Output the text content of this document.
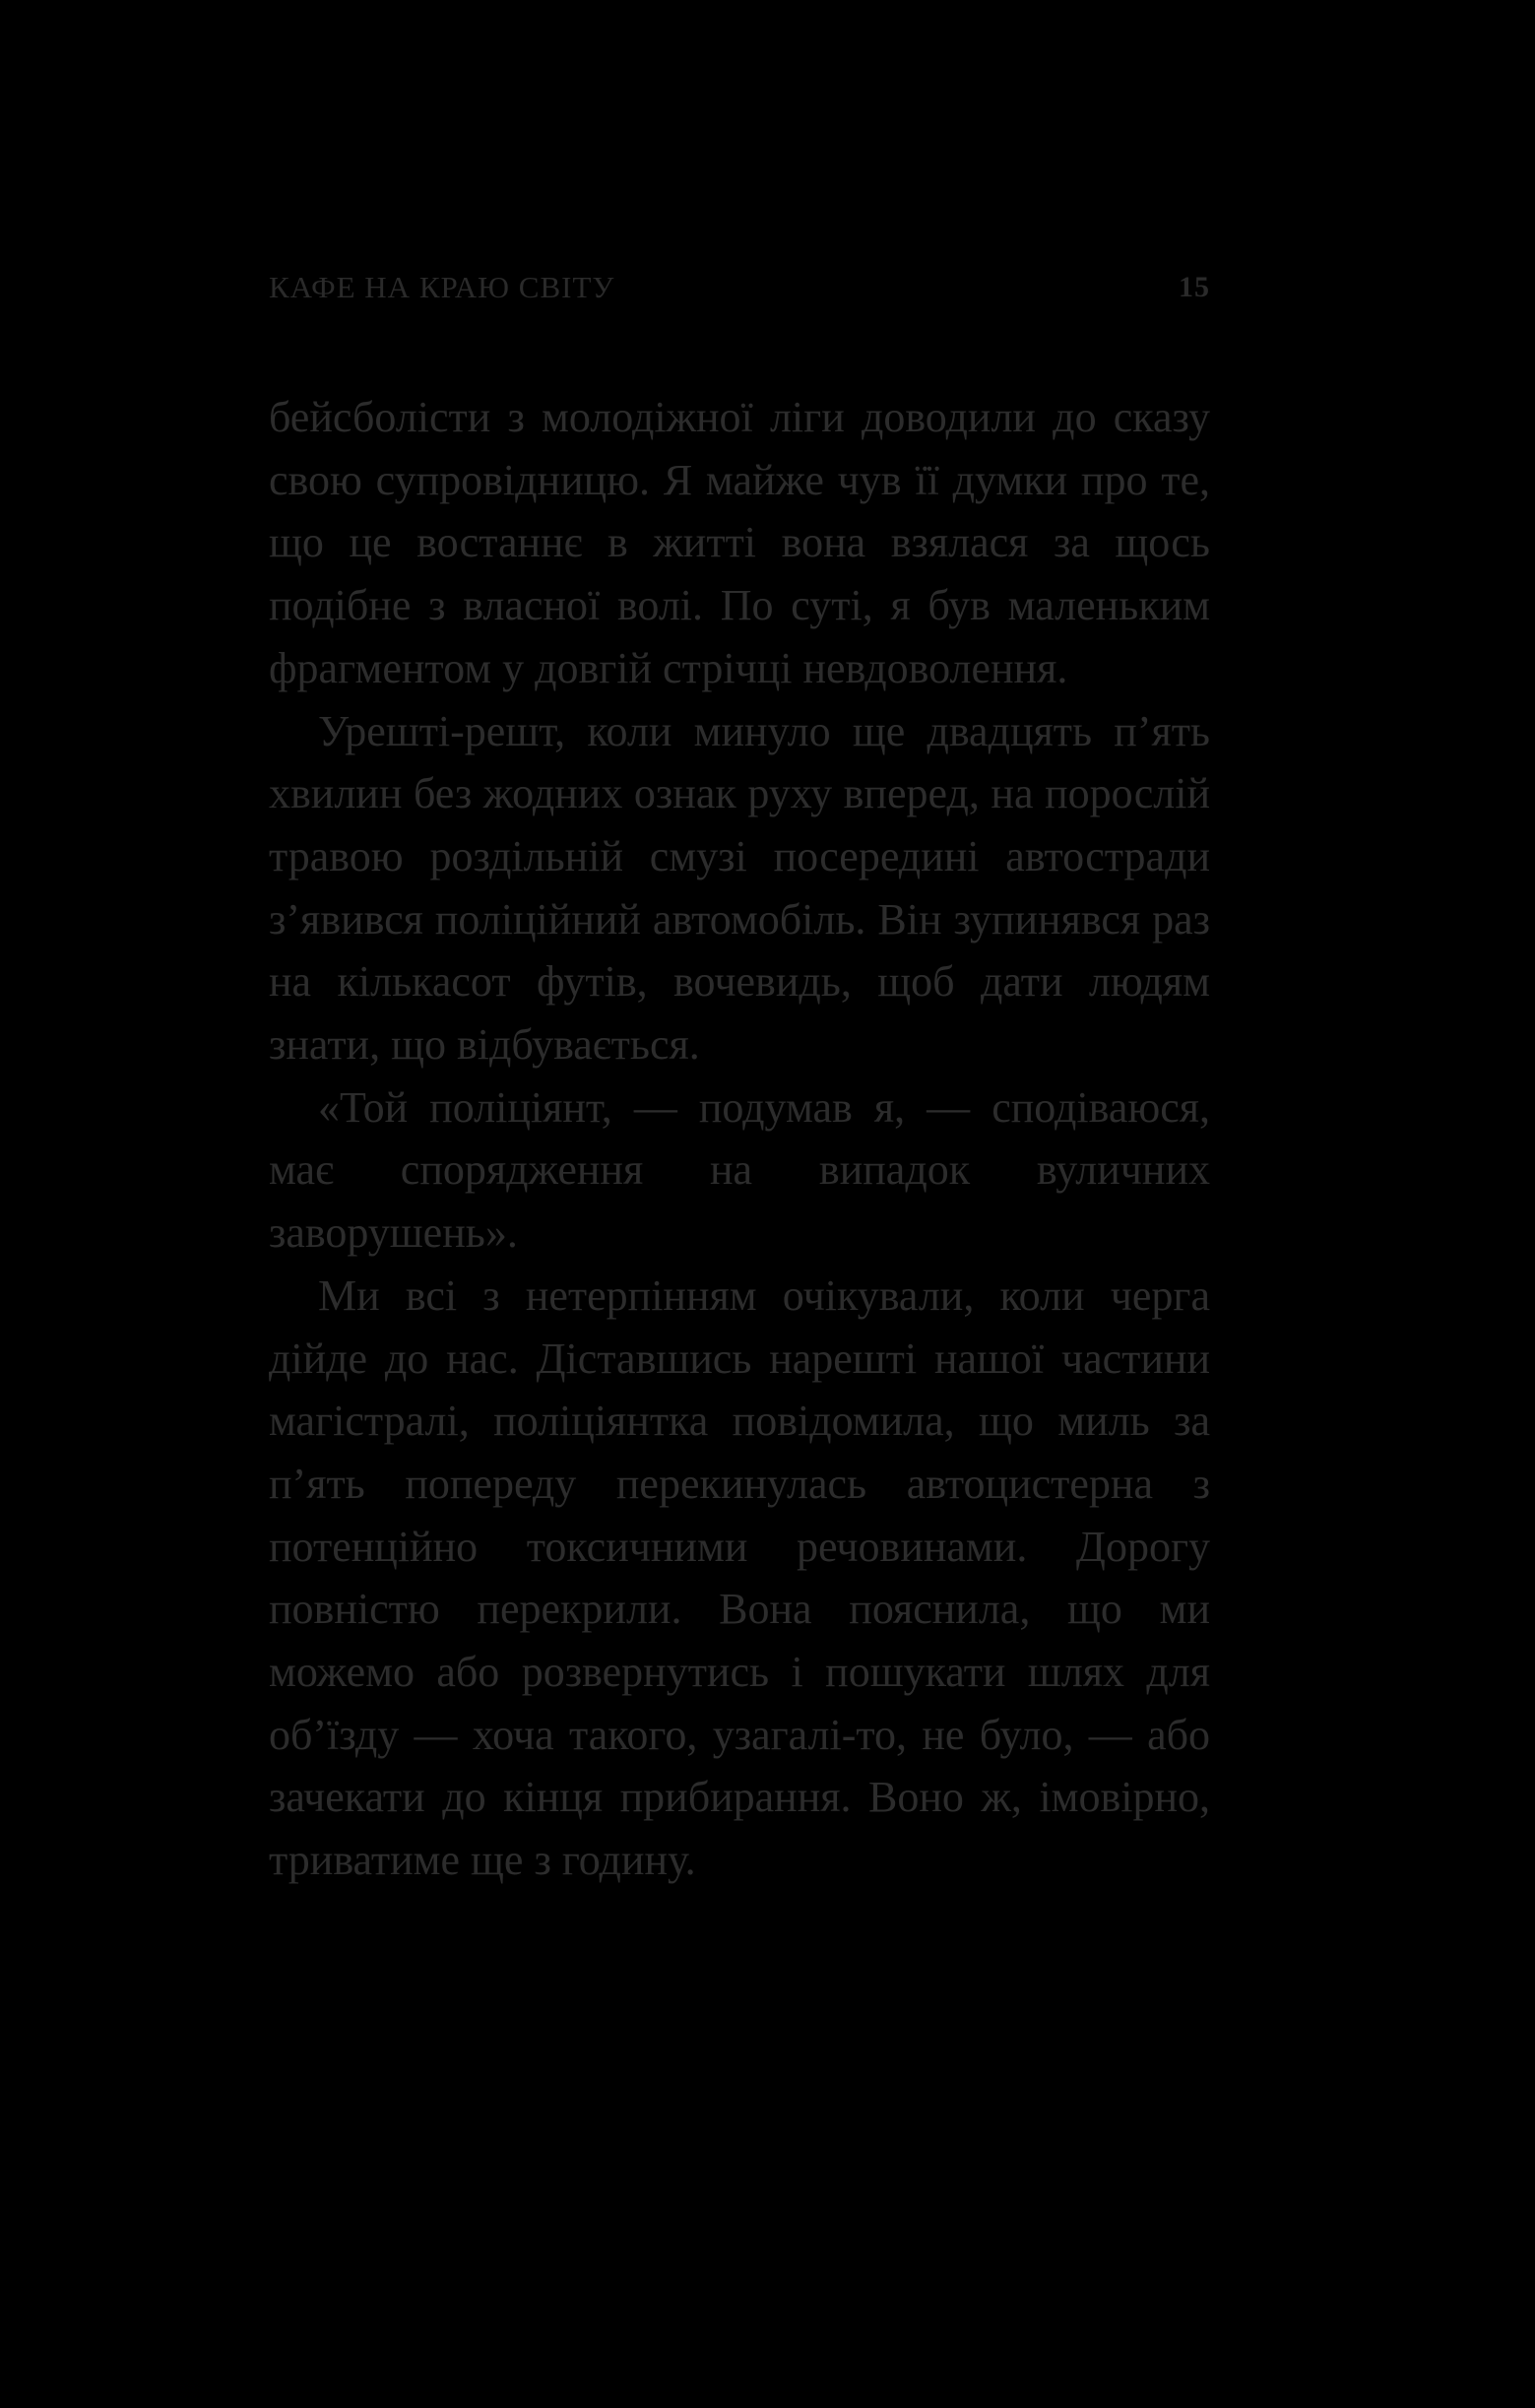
КАФЕ НА КРАЮ СВІТУ	15

бейсболісти з молодіжної ліги доводили до сказу свою супровідницю. Я майже чув її думки про те, що це востаннє в житті вона взялася за щось подібне з власної волі. По суті, я був маленьким фрагментом у довгій стрічці невдоволення.

Урешті-решт, коли минуло ще двадцять п’ять хвилин без жодних ознак руху вперед, на порослій травою роздільній смузі посередині автостради з’явився поліційний автомобіль. Він зупинявся раз на кількасот футів, вочевидь, щоб дати людям знати, що відбувається.

«Той поліціянт, — подумав я, — сподіваюся, має спорядження на випадок вуличних заворушень».

Ми всі з нетерпінням очікували, коли черга дійде до нас. Діставшись нарешті нашої частини магістралі, поліціянтка повідомила, що миль за п’ять попереду перекинулась автоцистерна з потенційно токсичними речовинами. Дорогу повністю перекрили. Вона пояснила, що ми можемо або розвернутись і пошукати шлях для об’їзду — хоча такого, узагалі-то, не було, — або зачекати до кінця прибирання. Воно ж, імовірно, триватиме ще з годину.
